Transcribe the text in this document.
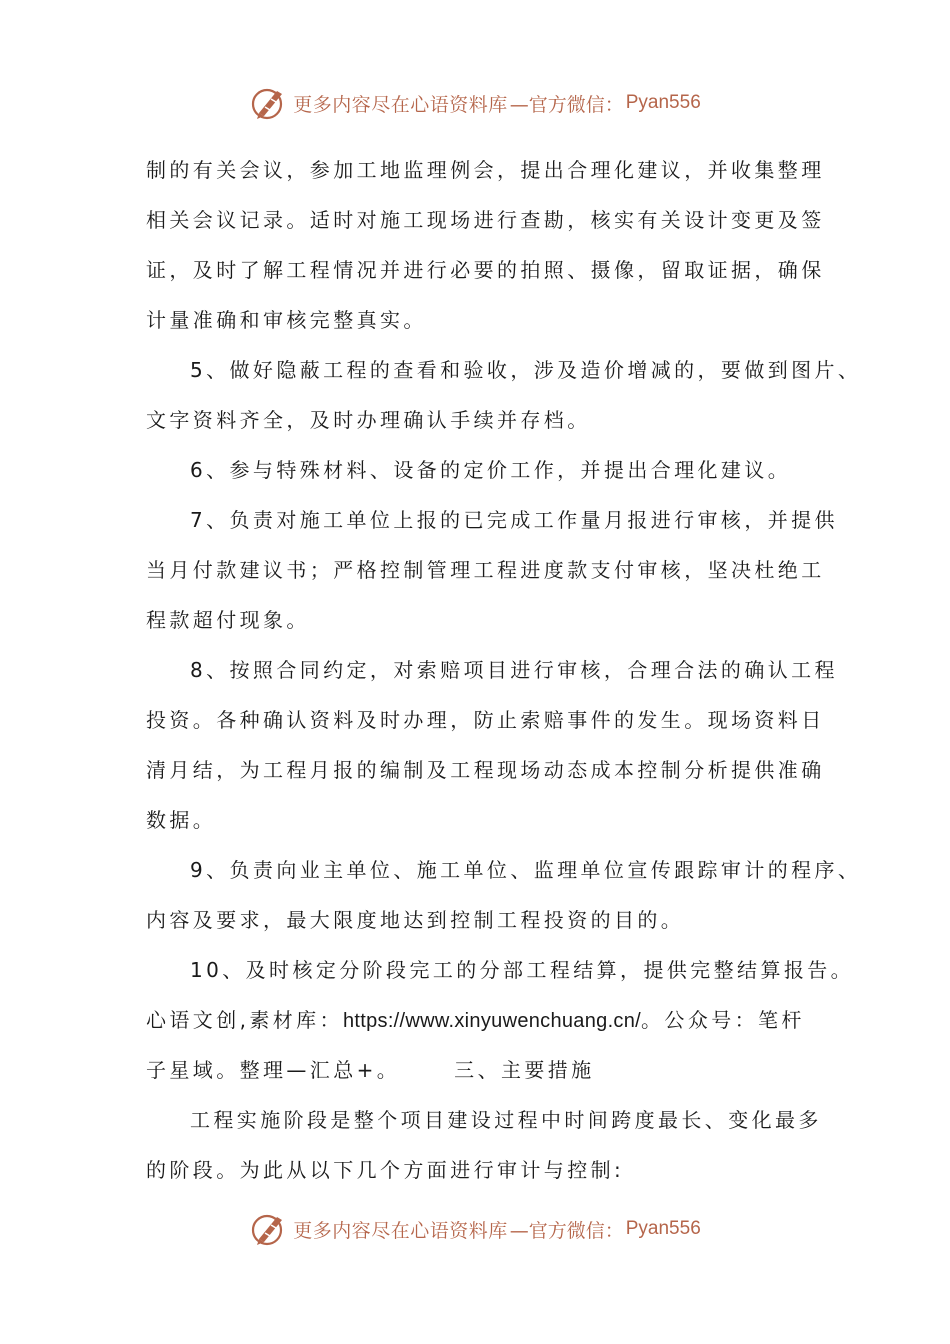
更多内容尽在心语资料库 —官方微信： Pyan556
制的有关会议，参加工地监理例会，提出合理化建议，并收集整理
相关会议记录。适时对施工现场进行查勘，核实有关设计变更及签
证，及时了解工程情况并进行必要的拍照、摄像，留取证据，确保
计量准确和审核完整真实。
5、做好隐蔽工程的查看和验收，涉及造价增减的，要做到图片、
文字资料齐全，及时办理确认手续并存档。
6、参与特殊材料、设备的定价工作，并提出合理化建议。
7、负责对施工单位上报的已完成工作量月报进行审核，并提供
当月付款建议书；严格控制管理工程进度款支付审核，坚决杜绝工
程款超付现象。
8、按照合同约定，对索赔项目进行审核，合理合法的确认工程
投资。各种确认资料及时办理，防止索赔事件的发生。现场资料日
清月结，为工程月报的编制及工程现场动态成本控制分析提供准确
数据。
9、负责向业主单位、施工单位、监理单位宣传跟踪审计的程序、
内容及要求，最大限度地达到控制工程投资的目的。
10、及时核定分阶段完工的分部工程结算，提供完整结算报告。
心语文创,素材库：https://www.xinyuwenchuang.cn/。公众号：笔杆
子星域。整理—汇总+。	三、主要措施
工程实施阶段是整个项目建设过程中时间跨度最长、变化最多
的阶段。为此从以下几个方面进行审计与控制:
更多内容尽在心语资料库 —官方微信： Pyan556
